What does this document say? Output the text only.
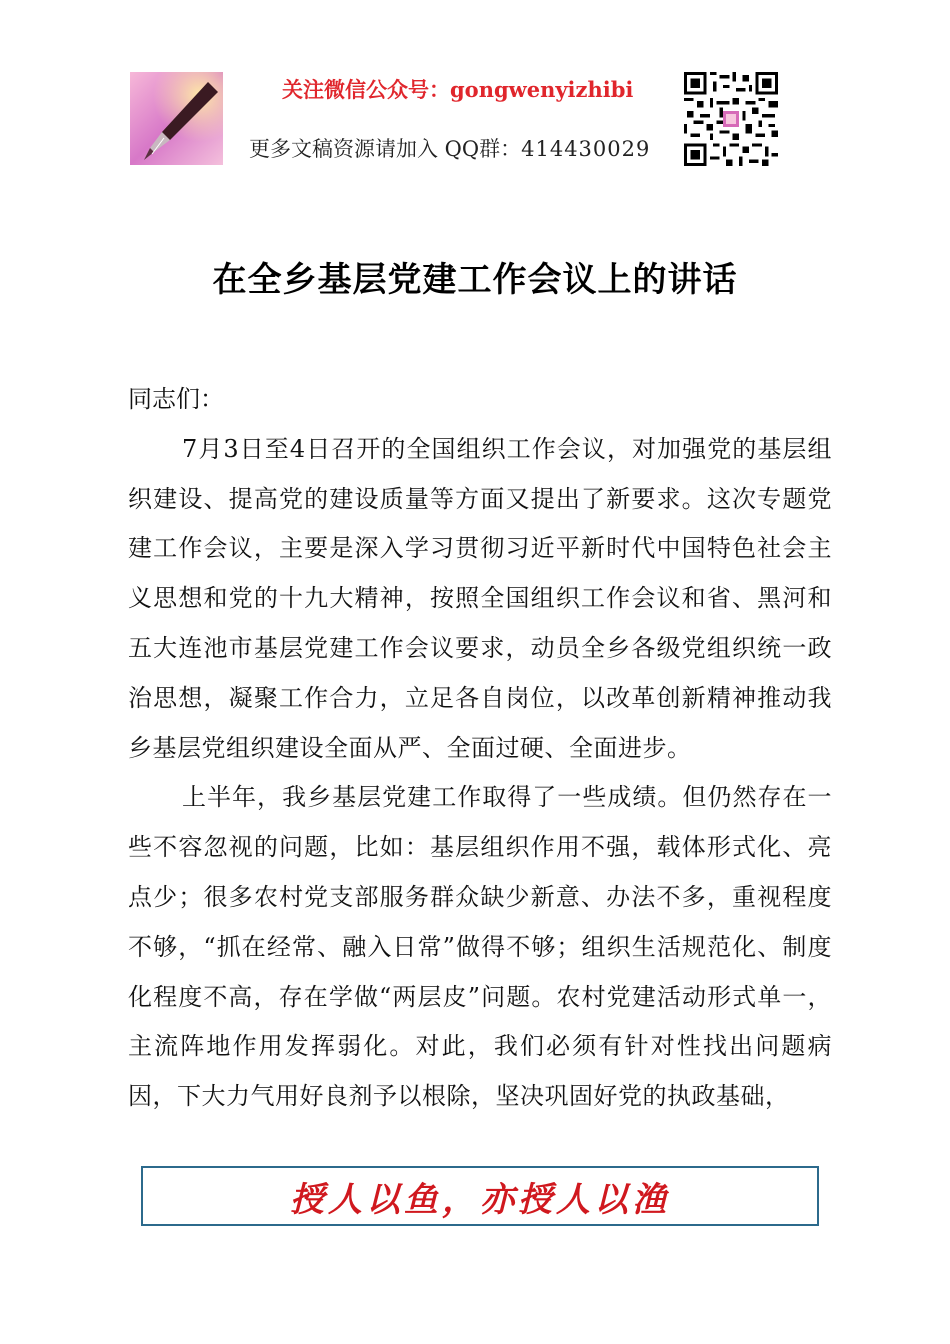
关注微信公众号：gongwenyizhibi
更多文稿资源请加入 QQ群：414430029
在全乡基层党建工作会议上的讲话

同志们：

7月3日至4日召开的全国组织工作会议，对加强党的基层组织建设、提高党的建设质量等方面又提出了新要求。这次专题党建工作会议，主要是深入学习贯彻习近平新时代中国特色社会主义思想和党的十九大精神，按照全国组织工作会议和省、黑河和五大连池市基层党建工作会议要求，动员全乡各级党组织统一政治思想，凝聚工作合力，立足各自岗位，以改革创新精神推动我乡基层党组织建设全面从严、全面过硬、全面进步。

上半年，我乡基层党建工作取得了一些成绩。但仍然存在一些不容忽视的问题，比如：基层组织作用不强，载体形式化、亮点少；很多农村党支部服务群众缺少新意、办法不多，重视程度不够，“抓在经常、融入日常”做得不够；组织生活规范化、制度化程度不高，存在学做“两层皮”问题。农村党建活动形式单一，主流阵地作用发挥弱化。对此，我们必须有针对性找出问题病因，下大力气用好良剂予以根除，坚决巩固好党的执政基础，

授人以鱼，亦授人以渔
